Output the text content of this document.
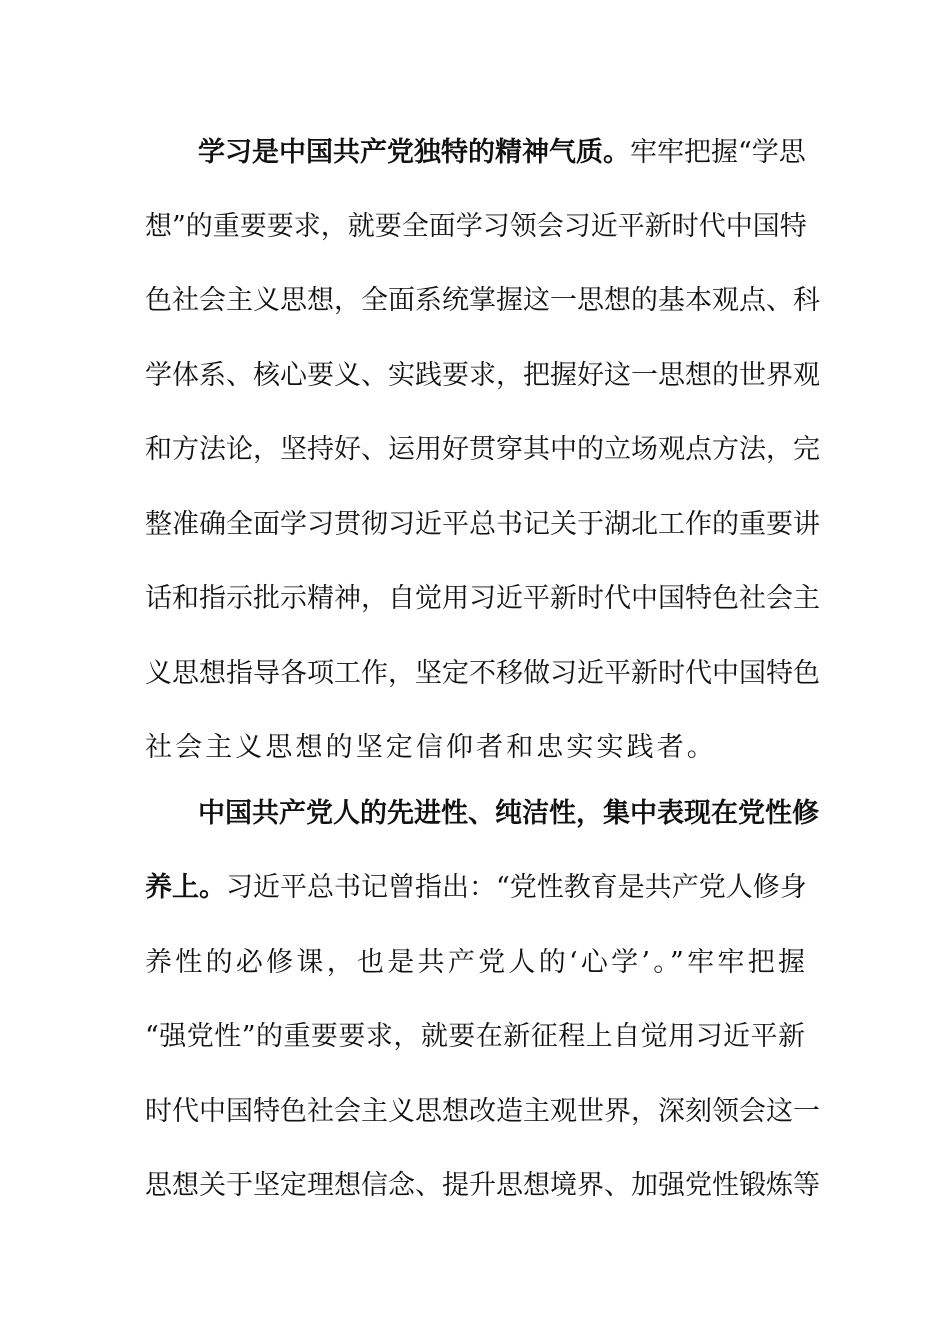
学习是中国共产党独特的精神气质。牢牢把握“学思
想”的重要要求，就要全面学习领会习近平新时代中国特
色社会主义思想，全面系统掌握这一思想的基本观点、科
学体系、核心要义、实践要求，把握好这一思想的世界观
和方法论，坚持好、运用好贯穿其中的立场观点方法，完
整准确全面学习贯彻习近平总书记关于湖北工作的重要讲
话和指示批示精神，自觉用习近平新时代中国特色社会主
义思想指导各项工作，坚定不移做习近平新时代中国特色
社会主义思想的坚定信仰者和忠实实践者。
中国共产党人的先进性、纯洁性，集中表现在党性修
养上。习近平总书记曾指出：“党性教育是共产党人修身
养性的必修课，也是共产党人的‘心学’。”牢牢把握
“强党性”的重要要求，就要在新征程上自觉用习近平新
时代中国特色社会主义思想改造主观世界，深刻领会这一
思想关于坚定理想信念、提升思想境界、加强党性锻炼等
